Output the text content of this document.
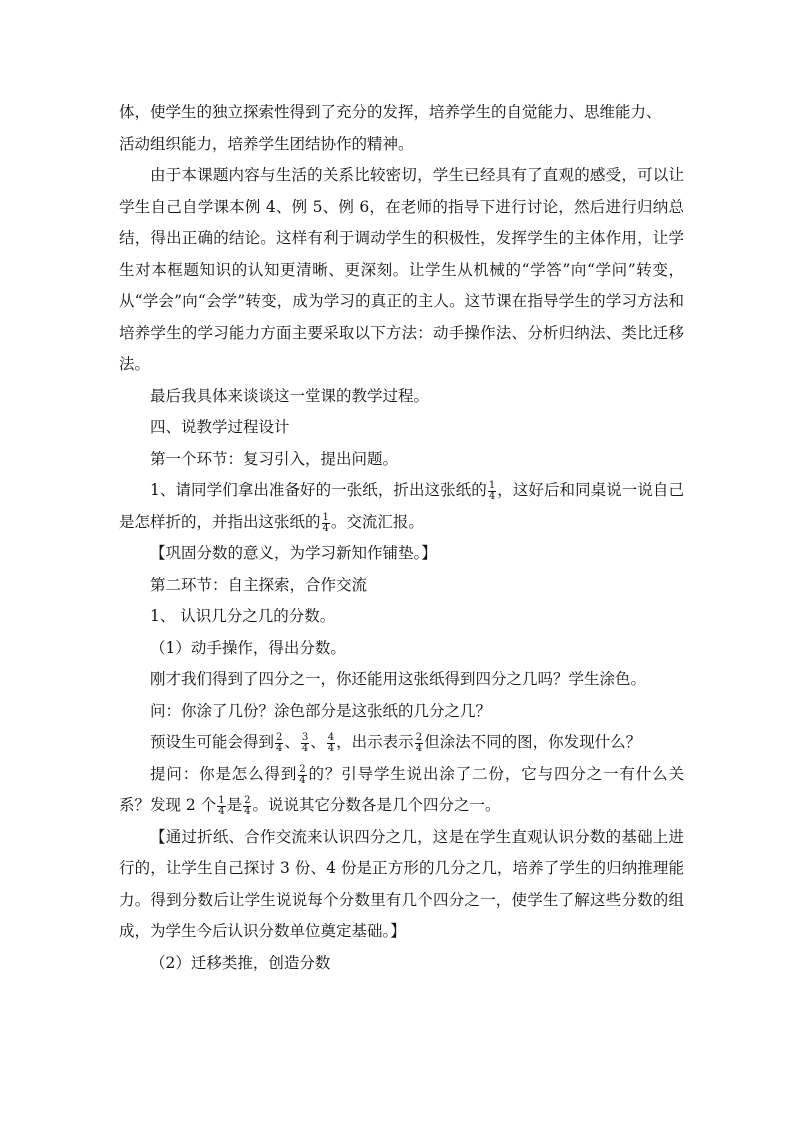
体，使学生的独立探索性得到了充分的发挥，培养学生的自觉能力、思维能力、
活动组织能力，培养学生团结协作的精神。

由于本课题内容与生活的关系比较密切，学生已经具有了直观的感受，可以让学生自己自学课本例 4、例 5、例 6，在老师的指导下进行讨论，然后进行归纳总结，得出正确的结论。这样有利于调动学生的积极性，发挥学生的主体作用，让学生对本框题知识的认知更清晰、更深刻。让学生从机械的“学答”向“学问”转变，从“学会”向“会学”转变，成为学习的真正的主人。这节课在指导学生的学习方法和培养学生的学习能力方面主要采取以下方法：动手操作法、分析归纳法、类比迁移法。

最后我具体来谈谈这一堂课的教学过程。

四、说教学过程设计

第一个环节：复习引入，提出问题。

1、请同学们拿出准备好的一张纸，折出这张纸的 $\frac{1}{4}$ ，这好后和同桌说一说自己是怎样折的，并指出这张纸的 $\frac{1}{4}$ 。交流汇报。

【巩固分数的意义，为学习新知作铺垫。】

第二环节：自主探索，合作交流

1、 认识几分之几的分数。

（1）动手操作，得出分数。

刚才我们得到了四分之一，你还能用这张纸得到四分之几吗？学生涂色。

问：你涂了几份？涂色部分是这张纸的几分之几？

预设生可能会得到 $\frac{2}{4}$ 、 $\frac{3}{4}$ 、 $\frac{4}{4}$ ，出示表示 $\frac{2}{4}$ 但涂法不同的图，你发现什么？

提问：你是怎么得到 $\frac{2}{4}$ 的？引导学生说出涂了二份，它与四分之一有什么关系？发现 2 个 $\frac{1}{4}$ 是 $\frac{2}{4}$ 。说说其它分数各是几个四分之一。

【通过折纸、合作交流来认识四分之几，这是在学生直观认识分数的基础上进行的，让学生自己探讨 3 份、4 份是正方形的几分之几，培养了学生的归纳推理能力。得到分数后让学生说说每个分数里有几个四分之一，使学生了解这些分数的组成，为学生今后认识分数单位奠定基础。】

（2）迁移类推，创造分数
